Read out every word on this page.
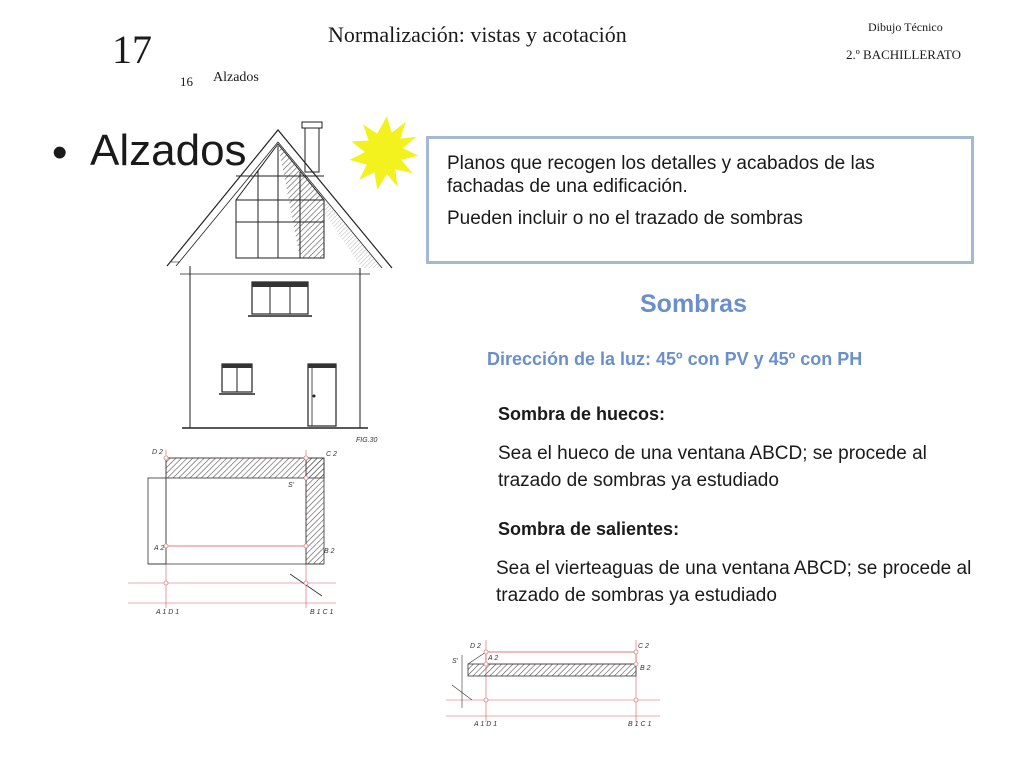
17	Normalización: vistas y acotación	Dibujo Técnico
2.º BACHILLERATO
16 Alzados
FIG.30
D 2	C 2
S'
A 2	B 2
A 1 D 1	B 1 C 1
D 2	C 2
S'	A 2
B 2
A 1 D 1	B 1 C 1
• Alzados	Planos que recogen los detalles y acabados de las fachadas de una edificación.
Pueden incluir o no el trazado de sombras
Sombras
Dirección de la luz: 45º con PV y 45º con PH
Sombra de huecos:
Sea el hueco de una ventana ABCD; se procede al trazado de sombras ya estudiado
Sombra de salientes:
Sea el vierteaguas de una ventana ABCD; se procede al trazado de sombras ya estudiado
